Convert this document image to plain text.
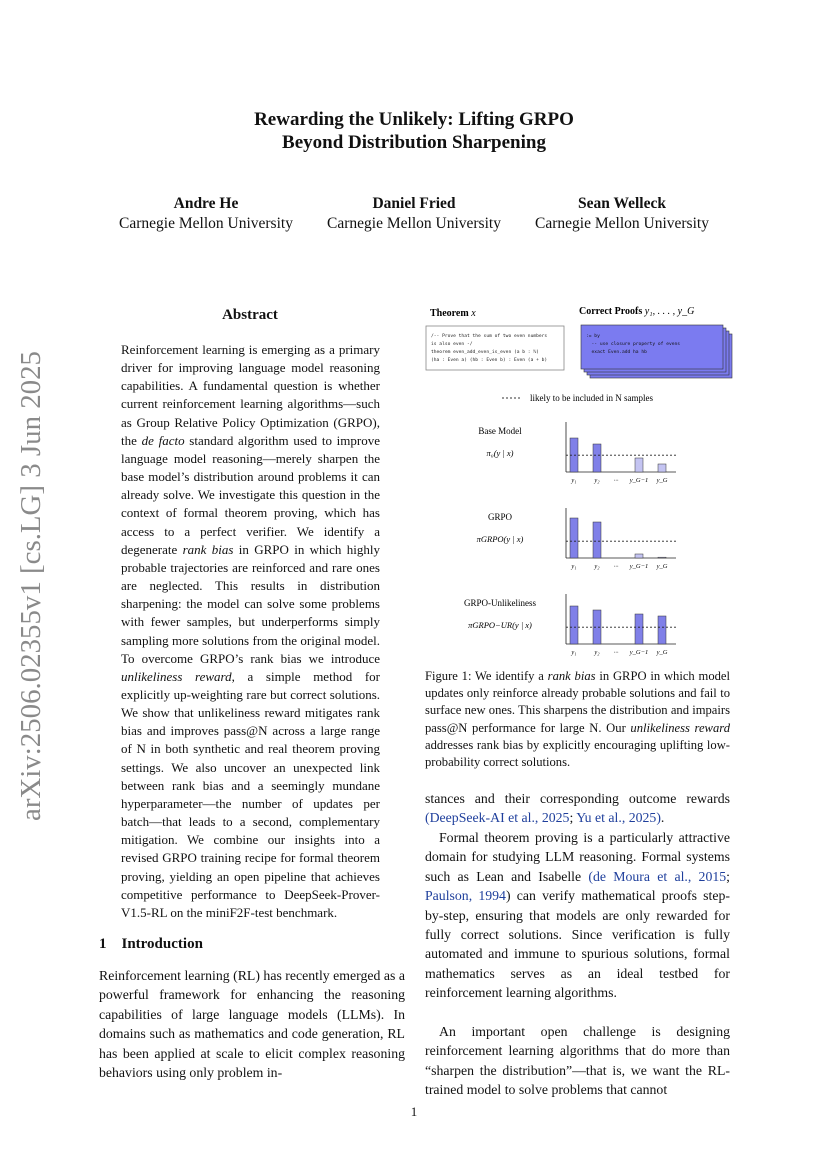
Rewarding the Unlikely: Lifting GRPO
Beyond Distribution Sharpening
Andre He
Carnegie Mellon University
Daniel Fried
Carnegie Mellon University
Sean Welleck
Carnegie Mellon University
arXiv:2506.02355v1 [cs.LG] 3 Jun 2025
Abstract
Reinforcement learning is emerging as a primary driver for improving language model reasoning capabilities. A fundamental question is whether current reinforcement learning algorithms—such as Group Relative Policy Optimization (GRPO), the de facto standard algorithm used to improve language model reasoning—merely sharpen the base model’s distribution around problems it can already solve. We investigate this question in the context of formal theorem proving, which has access to a perfect verifier. We identify a degenerate rank bias in GRPO in which highly probable trajectories are reinforced and rare ones are neglected. This results in distribution sharpening: the model can solve some problems with fewer samples, but underperforms simply sampling more solutions from the original model. To overcome GRPO’s rank bias we introduce unlikeliness reward, a simple method for explicitly up-weighting rare but correct solutions. We show that unlikeliness reward mitigates rank bias and improves pass@N across a large range of N in both synthetic and real theorem proving settings. We also uncover an unexpected link between rank bias and a seemingly mundane hyperparameter—the number of updates per batch—that leads to a second, complementary mitigation. We combine our insights into a revised GRPO training recipe for formal theorem proving, yielding an open pipeline that achieves competitive performance to DeepSeek-Prover-V1.5-RL on the miniF2F-test benchmark.
1 Introduction
Reinforcement learning (RL) has recently emerged as a powerful framework for enhancing the reasoning capabilities of large language models (LLMs). In domains such as mathematics and code generation, RL has been applied at scale to elicit complex reasoning behaviors using only problem in-
Theorem x
/-- Prove that the sum of two even numbers
is also even -/
theorem even_add_even_is_even (a b : ℕ)
(ha : Even a) (hb : Even b) : Even (a + b)
Correct Proofs y₁, . . . , y_G
:= by
-- use closure property of evens
exact Even.add ha hb
likely to be included in N samples
Base Model
π₀(y | x)
y₁	y₂ ··· y_G−1 y_G
GRPO
πGRPO(y | x)
y₁	y₂ ··· y_G−1 y_G
GRPO-Unlikeliness
πGRPO−UR(y | x)
y₁	y₂ ··· y_G−1 y_G
Figure 1: We identify a rank bias in GRPO in which model updates only reinforce already probable solutions and fail to surface new ones. This sharpens the distribution and impairs pass@N performance for large N. Our unlikeliness reward addresses rank bias by explicitly encouraging uplifting low-probability correct solutions.
stances and their corresponding outcome rewards (DeepSeek-AI et al., 2025; Yu et al., 2025).
Formal theorem proving is a particularly attractive domain for studying LLM reasoning. Formal systems such as Lean and Isabelle (de Moura et al., 2015; Paulson, 1994) can verify mathematical proofs step-by-step, ensuring that models are only rewarded for fully correct solutions. Since verification is fully automated and immune to spurious solutions, formal mathematics serves as an ideal testbed for reinforcement learning algorithms.
An important open challenge is designing reinforcement learning algorithms that do more than “sharpen the distribution”—that is, we want the RL-trained model to solve problems that cannot
1
